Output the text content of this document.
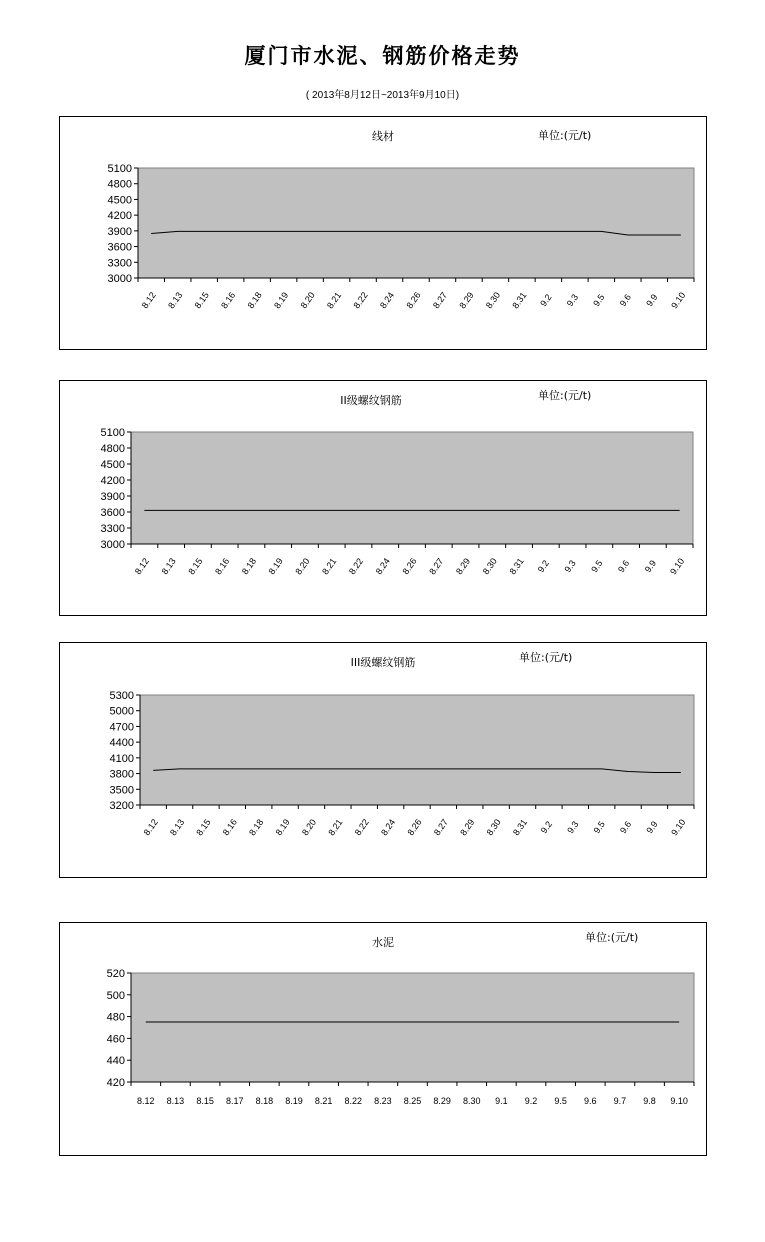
厦门市水泥、钢筋价格走势
( 2013年8月12日~2013年9月10日)
线材	单位:(元/t)
3000
3300
3600
3900
4200
4500
4800
5100
8.12 8.13 8.15 8.16 8.18 8.19 8.20 8.21 8.22 8.24 8.26 8.27 8.29 8.30 8.31 9.2 9.3 9.5 9.6 9.9 9.10
II级螺纹钢筋	单位:(元/t)
3000
3300
3600
3900
4200
4500
4800
5100
8.12 8.13 8.15 8.16 8.18 8.19 8.20 8.21 8.22 8.24 8.26 8.27 8.29 8.30 8.31 9.2 9.3 9.5 9.6 9.9 9.10
III级螺纹钢筋	单位:(元/t)
3200
3500
3800
4100
4400
4700
5000
5300
8.12 8.13 8.15 8.16 8.18 8.19 8.20 8.21 8.22 8.24 8.26 8.27 8.29 8.30 8.31 9.2 9.3 9.5 9.6 9.9 9.10
水泥	单位:(元/t)
420
440
460
480
500
520
8.12 8.13 8.15 8.17 8.18 8.19 8.21 8.22 8.23 8.25 8.29 8.30 9.1 9.2 9.5 9.6 9.7 9.8 9.10
